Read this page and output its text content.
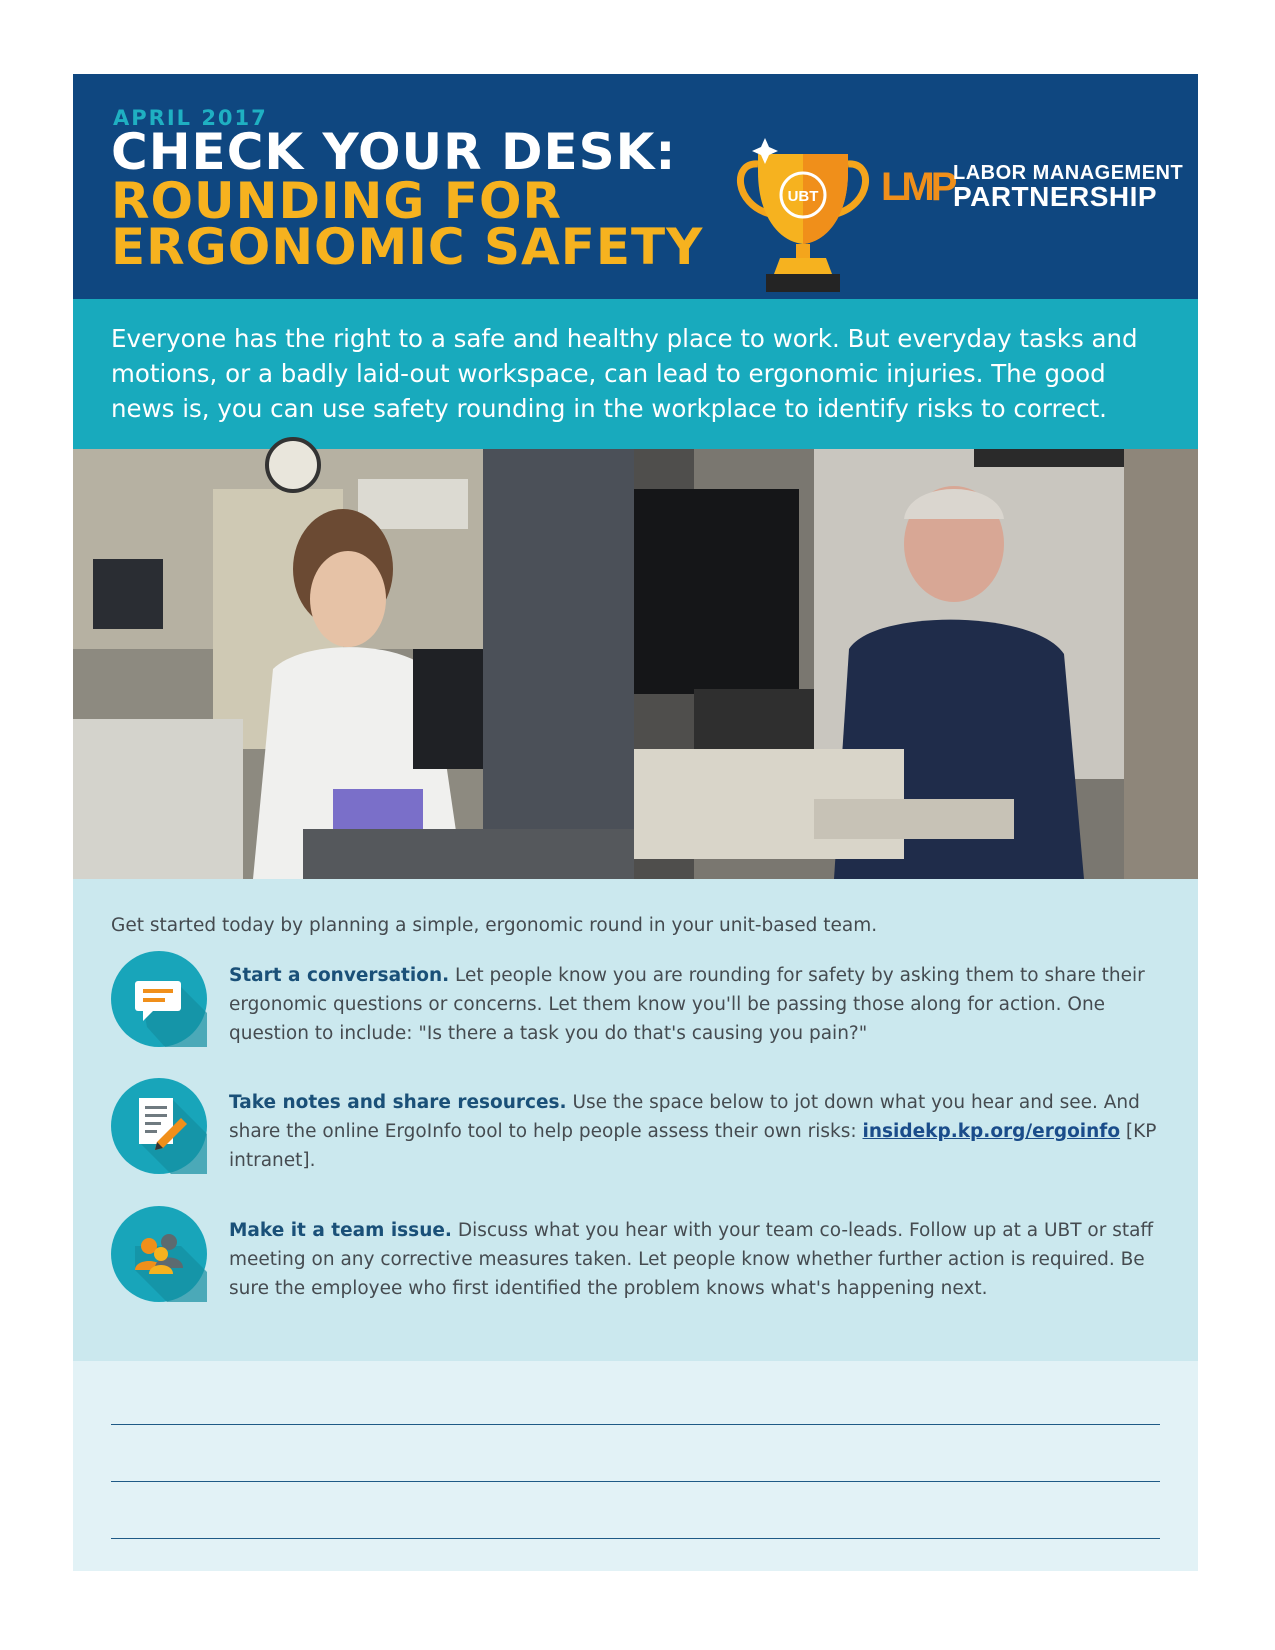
APRIL 2017
CHECK YOUR DESK:
ROUNDING FOR
ERGONOMIC SAFETY
UBT LMP LABOR MANAGEMENT
PARTNERSHIP

Everyone has the right to a safe and healthy place to work. But everyday tasks and motions, or a badly laid-out workspace, can lead to ergonomic injuries. The good news is, you can use safety rounding in the workplace to identify risks to correct.

Get started today by planning a simple, ergonomic round in your unit-based team.

Start a conversation. Let people know you are rounding for safety by asking them to share their ergonomic questions or concerns. Let them know you'll be passing those along for action. One question to include: "Is there a task you do that's causing you pain?"
Take notes and share resources. Use the space below to jot down what you hear and see. And share the online ErgoInfo tool to help people assess their own risks: insidekp.kp.org/ergoinfo [KP intranet].
Make it a team issue. Discuss what you hear with your team co-leads. Follow up at a UBT or staff meeting on any corrective measures taken. Let people know whether further action is required. Be sure the employee who first identified the problem knows what's happening next.
